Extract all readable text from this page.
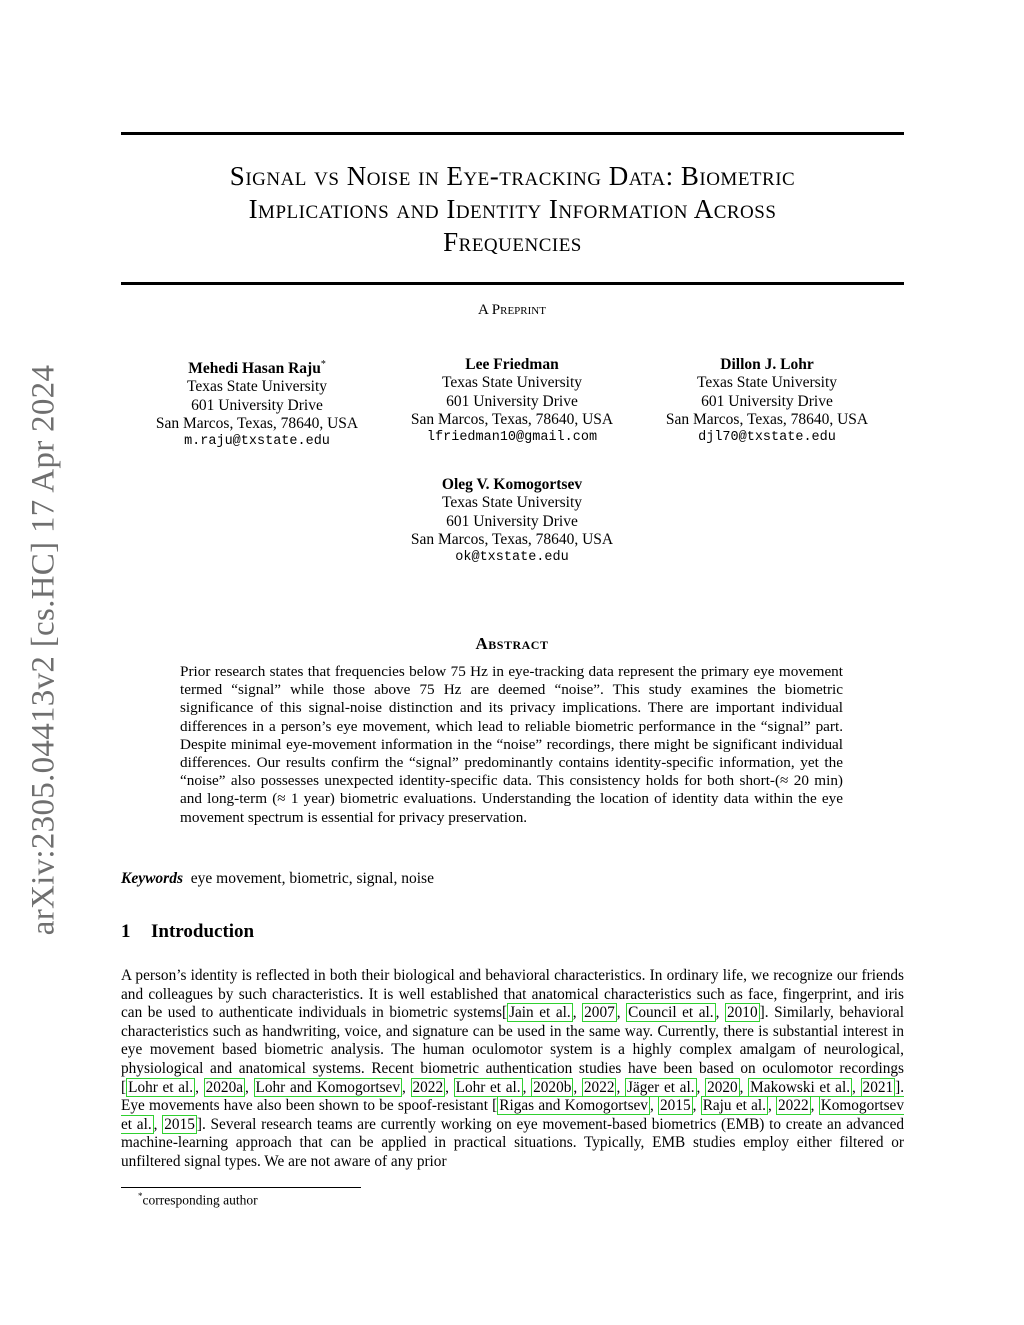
arXiv:2305.04413v2 [cs.HC] 17 Apr 2024
Signal vs Noise in Eye-tracking Data: Biometric
Implications and Identity Information Across
Frequencies
A Preprint
Mehedi Hasan Raju*
Texas State University
601 University Drive
San Marcos, Texas, 78640, USA
m.raju@txstate.edu
Lee Friedman
Texas State University
601 University Drive
San Marcos, Texas, 78640, USA
lfriedman10@gmail.com
Dillon J. Lohr
Texas State University
601 University Drive
San Marcos, Texas, 78640, USA
djl70@txstate.edu
Oleg V. Komogortsev
Texas State University
601 University Drive
San Marcos, Texas, 78640, USA
ok@txstate.edu
Abstract
Prior research states that frequencies below 75 Hz in eye-tracking data represent the primary eye movement termed “signal” while those above 75 Hz are deemed “noise”. This study examines the biometric significance of this signal-noise distinction and its privacy implications. There are important individual differences in a person’s eye movement, which lead to reliable biometric performance in the “signal” part. Despite minimal eye-movement information in the “noise” recordings, there might be significant individual differences. Our results confirm the “signal” predominantly contains identity-specific information, yet the “noise” also possesses unexpected identity-specific data. This consistency holds for both short-(≈ 20 min) and long-term (≈ 1 year) biometric evaluations. Understanding the location of identity data within the eye movement spectrum is essential for privacy preservation.
Keywords eye movement, biometric, signal, noise
1 Introduction
A person’s identity is reflected in both their biological and behavioral characteristics. In ordinary life, we recognize our friends and colleagues by such characteristics. It is well established that anatomical characteristics such as face, fingerprint, and iris can be used to authenticate individuals in biometric systems[ Jain et al. , 2007 , Council et al. , 2010 ]. Similarly, behavioral characteristics such as handwriting, voice, and signature can be used in the same way. Currently, there is substantial interest in eye movement based biometric analysis. The human oculomotor system is a highly complex amalgam of neurological, physiological and anatomical systems. Recent biometric authentication studies have been based on oculomotor recordings [ Lohr et al. , 2020a , Lohr and Komogortsev , 2022 , Lohr et al. , 2020b , 2022 , Jäger et al. , 2020 , Makowski et al. , 2021 ]. Eye movements have also been shown to be spoof-resistant [ Rigas and Komogortsev , 2015 , Raju et al. , 2022 , Komogortsev et al. , 2015 ]. Several research teams are currently working on eye movement-based biometrics (EMB) to create an advanced machine-learning approach that can be applied in practical situations. Typically, EMB studies employ either filtered or unfiltered signal types. We are not aware of any prior
*corresponding author
